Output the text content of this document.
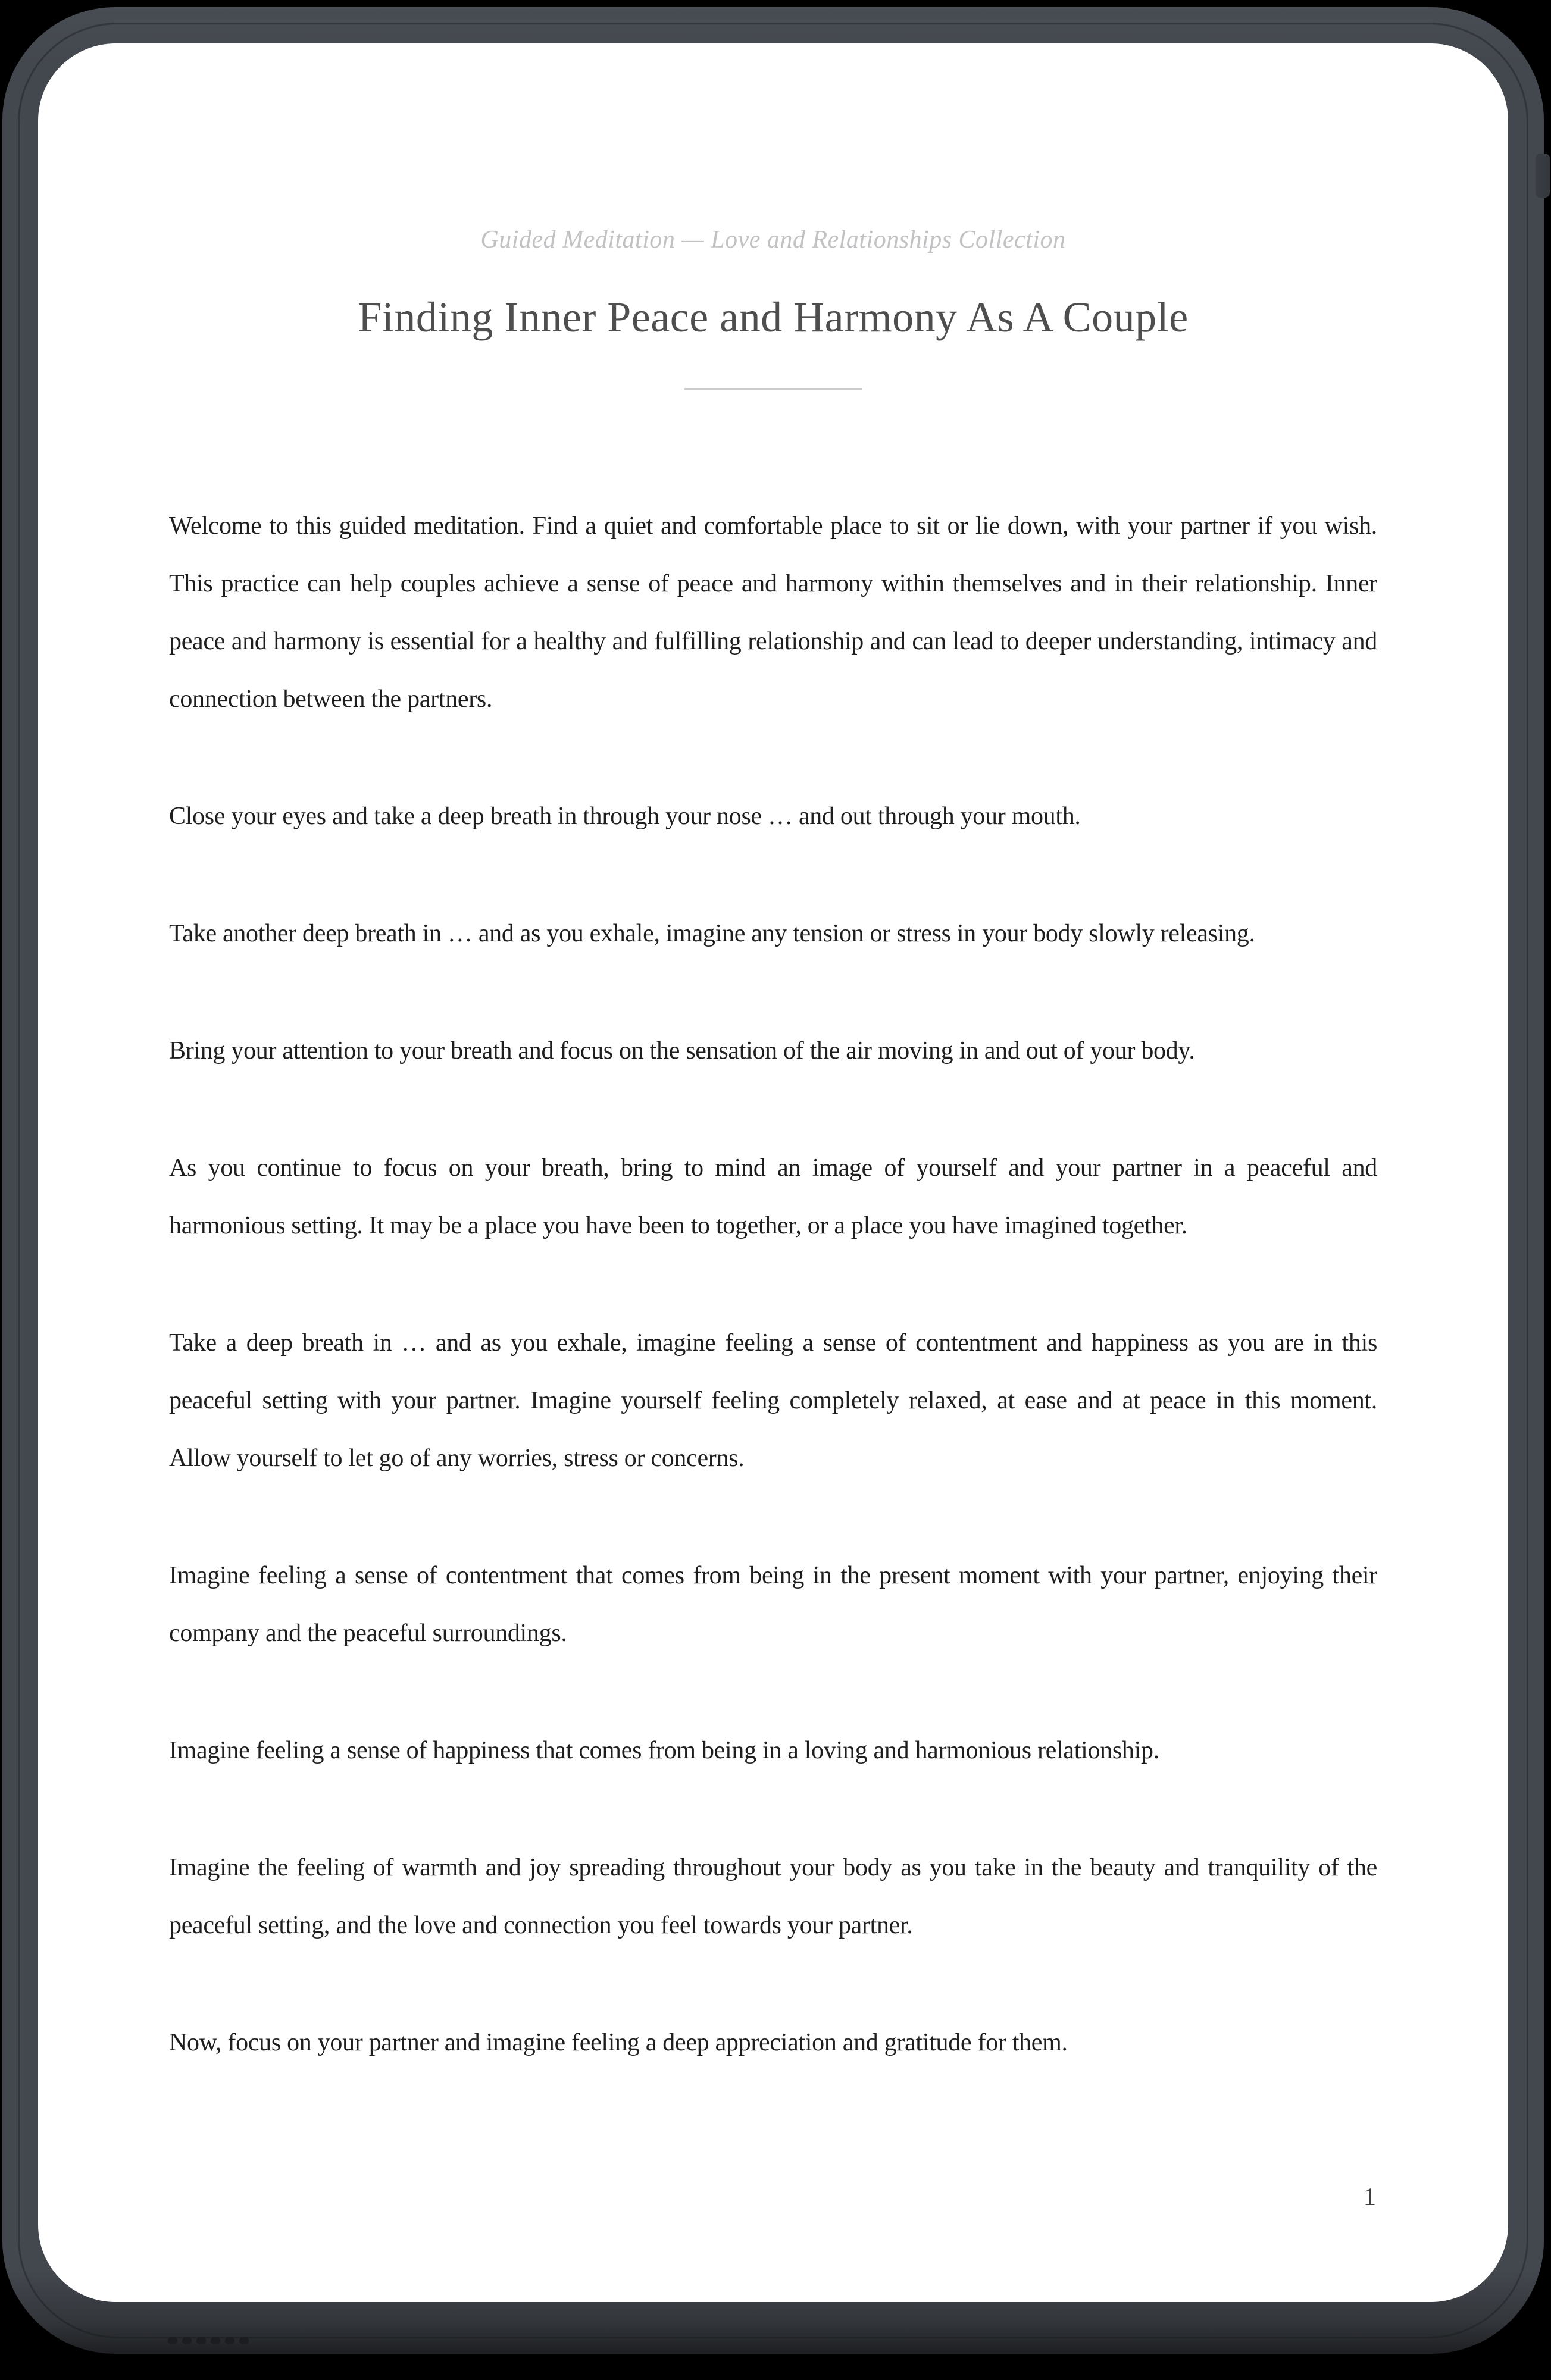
Guided Meditation — Love and Relationships Collection
Finding Inner Peace and Harmony As A Couple

Welcome to this guided meditation. Find a quiet and comfortable place to sit or lie down, with your partner if you wish. This practice can help couples achieve a sense of peace and harmony within themselves and in their relationship. Inner peace and harmony is essential for a healthy and fulfilling relationship and can lead to deeper understanding, intimacy and connection between the partners.

Close your eyes and take a deep breath in through your nose … and out through your mouth.

Take another deep breath in … and as you exhale, imagine any tension or stress in your body slowly releasing.

Bring your attention to your breath and focus on the sensation of the air moving in and out of your body.

As you continue to focus on your breath, bring to mind an image of yourself and your partner in a peaceful and harmonious setting. It may be a place you have been to together, or a place you have imagined together.

Take a deep breath in … and as you exhale, imagine feeling a sense of contentment and happiness as you are in this peaceful setting with your partner. Imagine yourself feeling completely relaxed, at ease and at peace in this moment. Allow yourself to let go of any worries, stress or concerns.

Imagine feeling a sense of contentment that comes from being in the present moment with your partner, enjoying their company and the peaceful surroundings.

Imagine feeling a sense of happiness that comes from being in a loving and harmonious relationship.

Imagine the feeling of warmth and joy spreading throughout your body as you take in the beauty and tranquility of the peaceful setting, and the love and connection you feel towards your partner.

Now, focus on your partner and imagine feeling a deep appreciation and gratitude for them.

1
